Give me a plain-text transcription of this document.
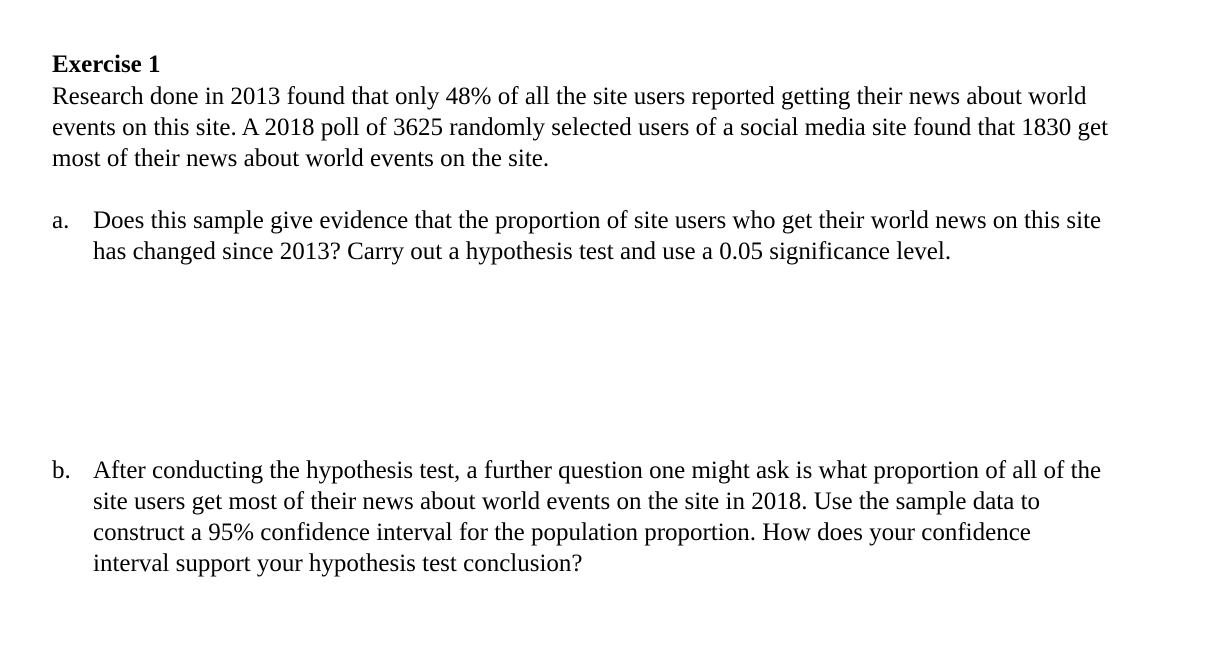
Exercise 1

Research done in 2013 found that only 48% of all the site users reported getting their news about world events on this site. A 2018 poll of 3625 randomly selected users of a social media site found that 1830 get most of their news about world events on the site.

a. Does this sample give evidence that the proportion of site users who get their world news on this site has changed since 2013? Carry out a hypothesis test and use a 0.05 significance level.
b. After conducting the hypothesis test, a further question one might ask is what proportion of all of the site users get most of their news about world events on the site in 2018. Use the sample data to construct a 95% confidence interval for the population proportion. How does your confidence interval support your hypothesis test conclusion?
